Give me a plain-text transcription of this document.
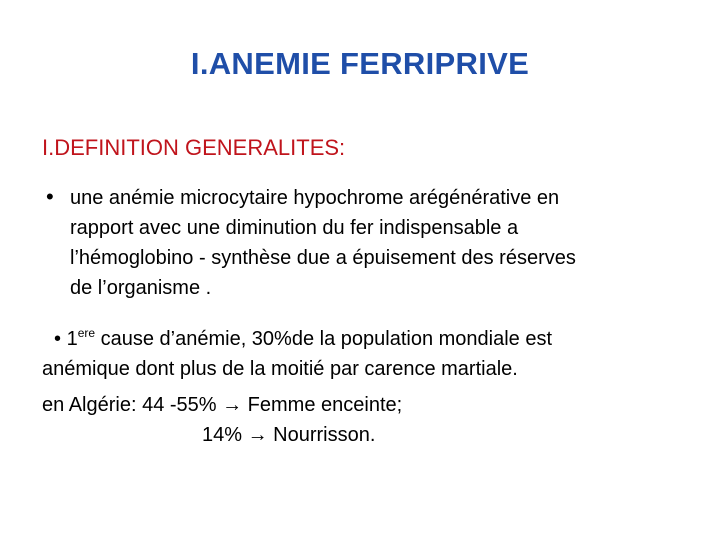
I.ANEMIE FERRIPRIVE
I.DEFINITION GENERALITES:
• une anémie microcytaire hypochrome arégénérative en
rapport avec une diminution du fer indispensable a
l’hémoglobino - synthèse due a épuisement des réserves
de l’organisme .
• 1ere cause d’anémie, 30%de la population mondiale est
anémique dont plus de la moitié par carence martiale.
en Algérie: 44 -55% → Femme enceinte;
14% → Nourrisson.
